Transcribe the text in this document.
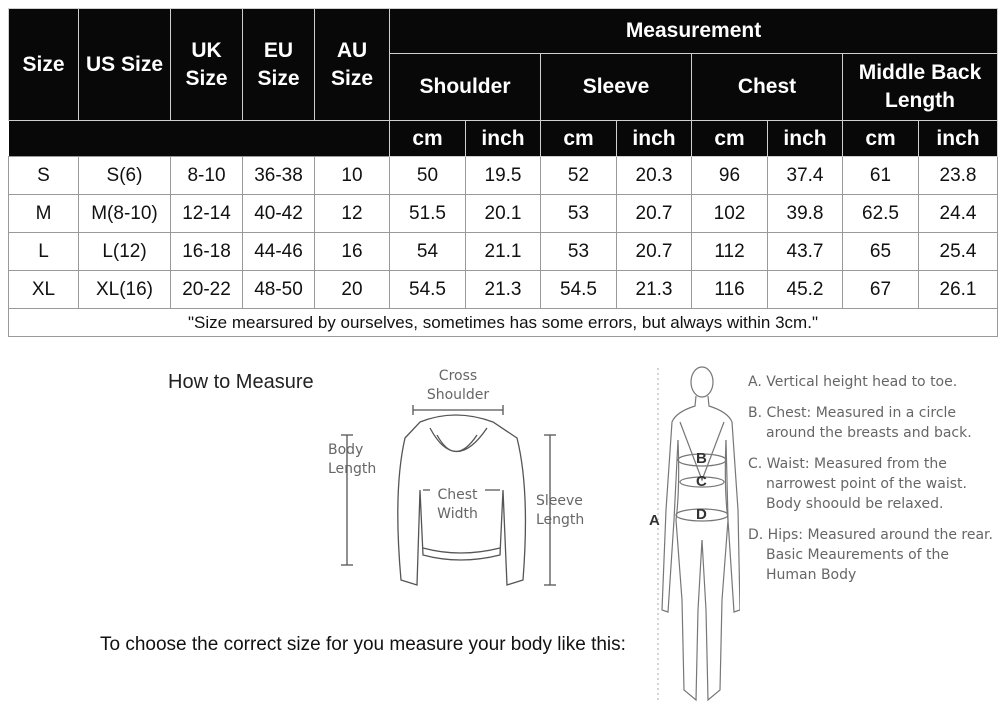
Size	US Size	UK Size	EU Size	AU Size	Measurement							
					Shoulder		Sleeve		Chest		Middle Back Length	
					cm	inch	cm	inch	cm	inch	cm	inch
S	S(6)	8-10	36-38	10	50	19.5	52	20.3	96	37.4	61	23.8
M	M(8-10)	12-14	40-42	12	51.5	20.1	53	20.7	102	39.8	62.5	24.4
L	L(12)	16-18	44-46	16	54	21.1	53	20.7	112	43.7	65	25.4
XL	XL(16)	20-22	48-50	20	54.5	21.3	54.5	21.3	116	45.2	67	26.1
"Size mearsured by ourselves, sometimes has some errors, but always within 3cm."												
How to Measure	Cross Shoulder
Body Length
Chest Width
Sleeve Length
To choose the correct size for you measure your body like this:
A
B
C
D
A. Vertical height head to toe.
B. Chest: Measured in a circle around the breasts and back.
C. Waist: Measured from the narrowest point of the waist. Body shoould be relaxed.
D. Hips: Measured around the rear. Basic Meaurements of the Human Body
